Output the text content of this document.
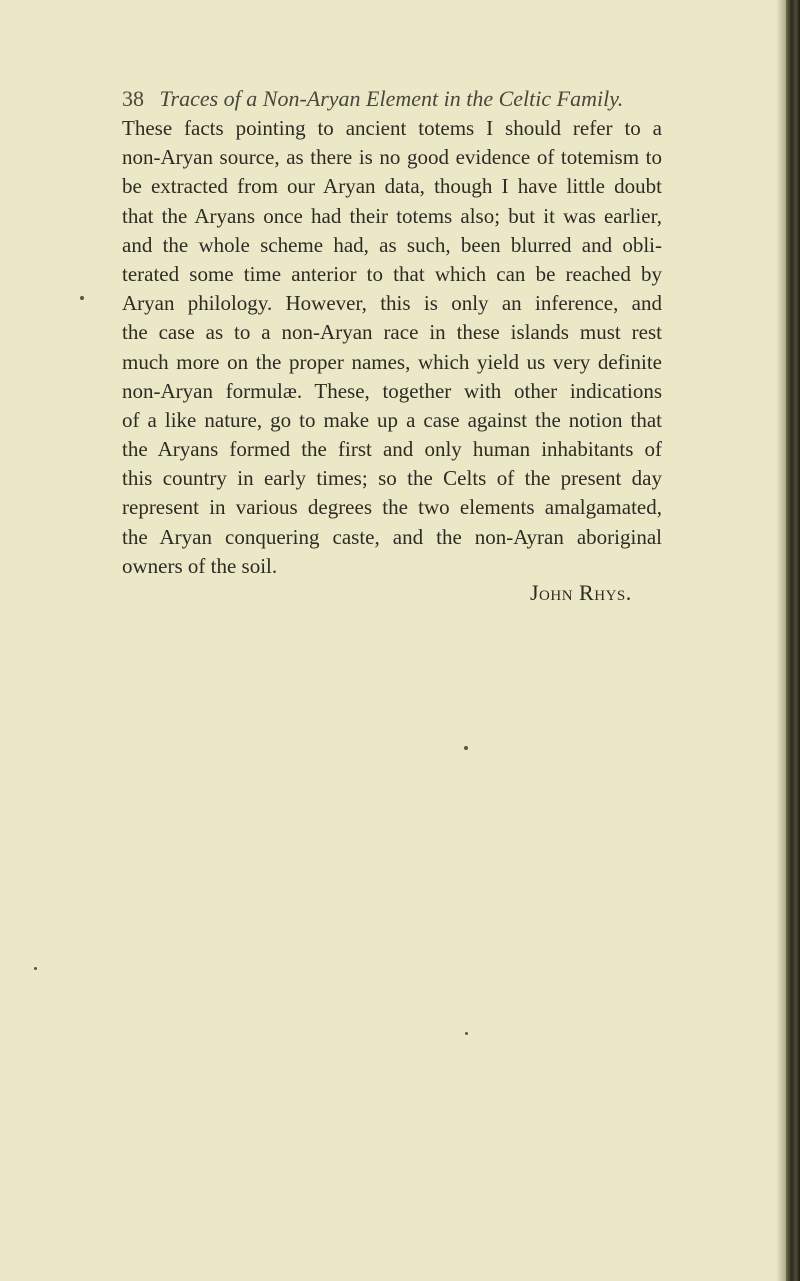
38 Traces of a Non-Aryan Element in the Celtic Family.
These facts pointing to ancient totems I should refer to a
non-Aryan source, as there is no good evidence of totemism to
be extracted from our Aryan data, though I have little doubt
that the Aryans once had their totems also; but it was earlier,
and the whole scheme had, as such, been blurred and obli-
terated some time anterior to that which can be reached by
Aryan philology. However, this is only an inference, and
the case as to a non-Aryan race in these islands must rest
much more on the proper names, which yield us very definite
non-Aryan formulæ. These, together with other indications
of a like nature, go to make up a case against the notion that
the Aryans formed the first and only human inhabitants of
this country in early times; so the Celts of the present day
represent in various degrees the two elements amalgamated,
the Aryan conquering caste, and the non-Ayran aboriginal
owners of the soil.
John Rhys.
